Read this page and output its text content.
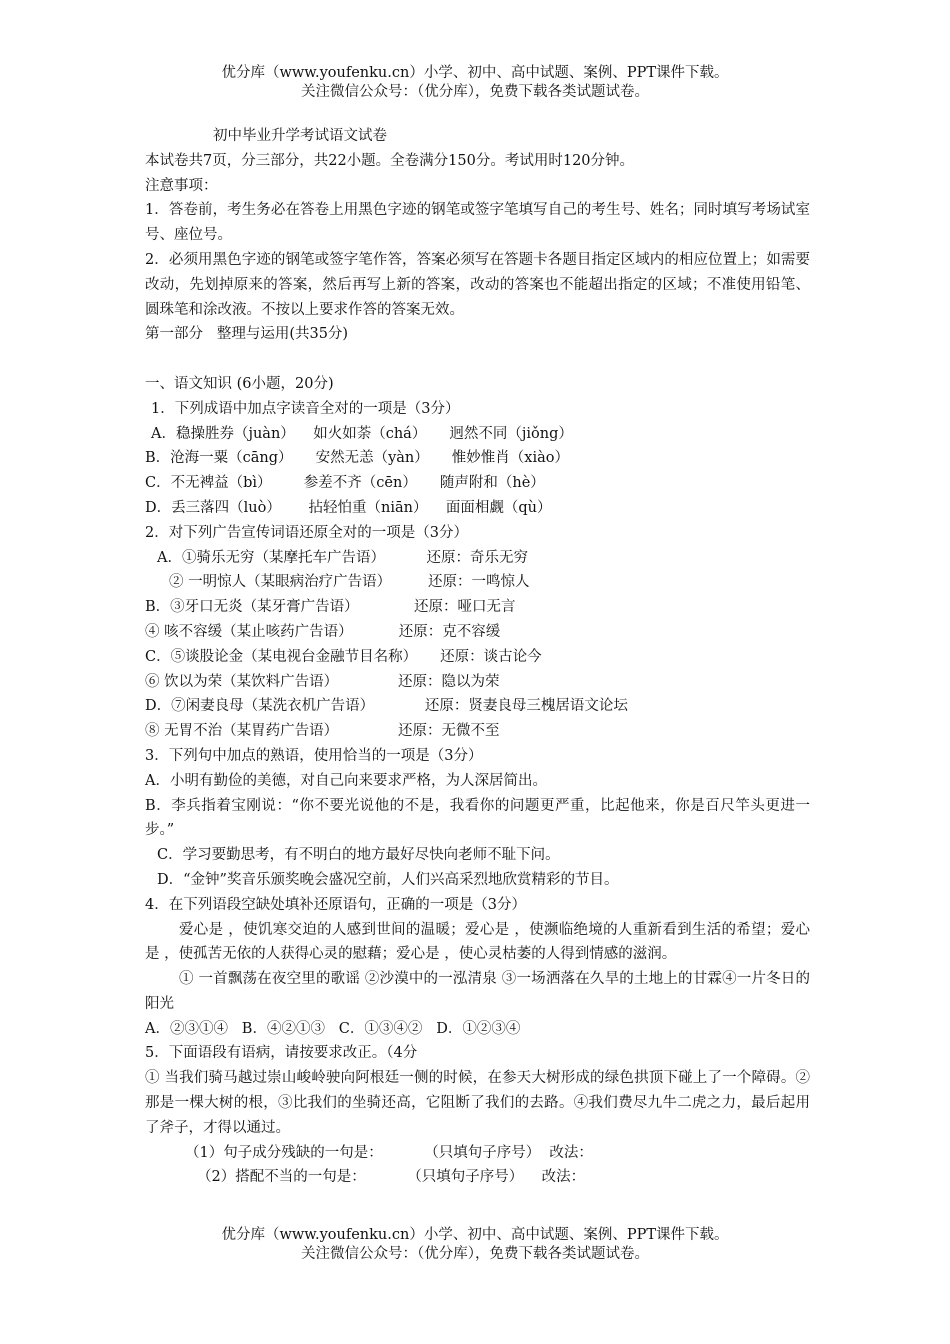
优分库（www.youfenku.cn）小学、初中、高中试题、案例、PPT课件下载。
关注微信公众号：（优分库），免费下载各类试题试卷。

初中毕业升学考试语文试卷

本试卷共7页，分三部分，共22小题。全卷满分150分。考试用时120分钟。

注意事项：

1．答卷前，考生务必在答卷上用黑色字迹的钢笔或签字笔填写自己的考生号、姓名；同时填写考场试室号、座位号。

2．必须用黑色字迹的钢笔或签字笔作答，答案必须写在答题卡各题目指定区域内的相应位置上；如需要改动，先划掉原来的答案，然后再写上新的答案，改动的答案也不能超出指定的区域；不准使用铅笔、圆珠笔和涂改液。不按以上要求作答的答案无效。

第一部分   整理与运用(共35分)

一、语文知识 (6小题，20分)

1．下列成语中加点字读音全对的一项是（3分）

A．稳操胜券（juàn）    如火如荼（chá）     迥然不同（jiǒng）

B．沧海一粟（cāng）     安然无恙（yàn）     惟妙惟肖（xiào）

C．不无裨益（bì）       参差不齐（cēn）     随声附和（hè）

D．丢三落四（luò）      拈轻怕重（niān）    面面相觑（qù）

2．对下列广告宣传词语还原全对的一项是（3分）

A．①骑乐无穷（某摩托车广告语）         还原：奇乐无穷

② 一明惊人（某眼病治疗广告语）        还原：一鸣惊人

B．③牙口无炎（某牙膏广告语）            还原：哑口无言

④ 咳不容缓（某止咳药广告语）          还原：克不容缓

C．⑤谈股论金（某电视台金融节目名称）     还原：谈古论今

⑥ 饮以为荣（某饮料广告语）             还原：隐以为荣

D．⑦闲妻良母（某洗衣机广告语）           还原：贤妻良母三槐居语文论坛

⑧ 无胃不治（某胃药广告语）             还原：无微不至

3．下列句中加点的熟语，使用恰当的一项是（3分）

A．小明有勤俭的美德，对自己向来要求严格，为人深居简出。

B．李兵指着宝刚说：“你不要光说他的不是，我看你的问题更严重，比起他来，你是百尺竿头更进一步。”

C．学习要勤思考，有不明白的地方最好尽快向老师不耻下问。

D．“金钟”奖音乐颁奖晚会盛况空前，人们兴高采烈地欣赏精彩的节目。

4．在下列语段空缺处填补还原语句，正确的一项是（3分）

爱心是 ，使饥寒交迫的人感到世间的温暖；爱心是 ，使濒临绝境的人重新看到生活的希望；爱心是 ，使孤苦无依的人获得心灵的慰藉；爱心是 ，使心灵枯萎的人得到情感的滋润。

① 一首飘荡在夜空里的歌谣 ②沙漠中的一泓清泉 ③一场洒落在久旱的土地上的甘霖④一片冬日的阳光

A．②③①④   B．④②①③   C．①③④②   D．①②③④

5．下面语段有语病，请按要求改正。（4分

① 当我们骑马越过崇山峻岭驶向阿根廷一侧的时候，在参天大树形成的绿色拱顶下碰上了一个障碍。②那是一棵大树的根，③比我们的坐骑还高，它阻断了我们的去路。④我们费尽九牛二虎之力，最后起用了斧子，才得以通过。

（1）句子成分残缺的一句是：         （只填句子序号）  改法：

（2）搭配不当的一句是：         （只填句子序号）    改法：

优分库（www.youfenku.cn）小学、初中、高中试题、案例、PPT课件下载。
关注微信公众号：（优分库），免费下载各类试题试卷。
